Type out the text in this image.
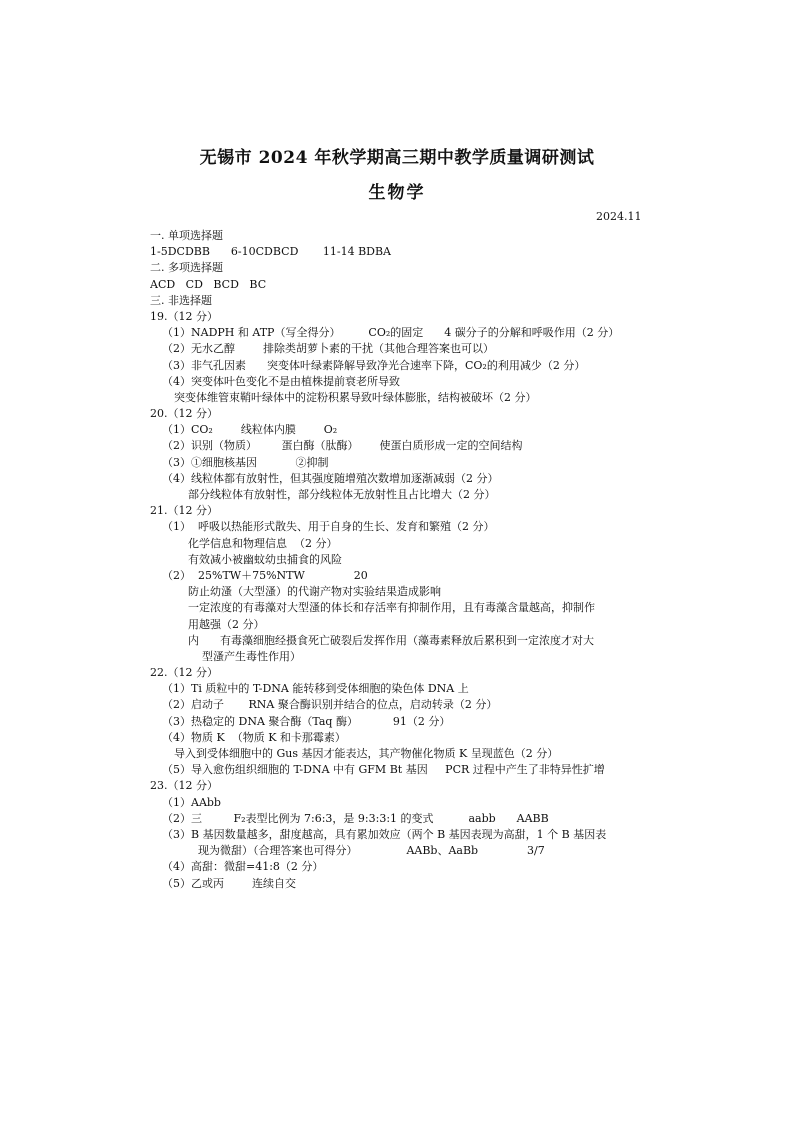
无锡市 2024 年秋学期高三期中教学质量调研测试
生物学
2024.11
一. 单项选择题
1-5DCDBB      6-10CDBCD       11-14 BDBA
二. 多项选择题
ACD   CD   BCD   BC
三. 非选择题
19.（12 分）
（1）NADPH 和 ATP（写全得分）        CO₂的固定      4 碳分子的分解和呼吸作用（2 分）
（2）无水乙醇        排除类胡萝卜素的干扰（其他合理答案也可以）
（3）非气孔因素      突变体叶绿素降解导致净光合速率下降，CO₂的利用减少（2 分）
（4）突变体叶色变化不是由植株提前衰老所导致
突变体维管束鞘叶绿体中的淀粉积累导致叶绿体膨胀，结构被破坏（2 分）
20.（12 分）
（1）CO₂        线粒体内膜        O₂
（2）识别（物质）       蛋白酶（肽酶）      使蛋白质形成一定的空间结构
（3）①细胞核基因           ②抑制
（4）线粒体都有放射性，但其强度随增殖次数增加逐渐减弱（2 分）
部分线粒体有放射性，部分线粒体无放射性且占比增大（2 分）
21.（12 分）
（1）  呼吸以热能形式散失、用于自身的生长、发育和繁殖（2 分）
化学信息和物理信息  （2 分）
有效减小被幽蚊幼虫捕食的风险
（2）  25%TW＋75%NTW              20
防止幼溞（大型溞）的代谢产物对实验结果造成影响
一定浓度的有毒藻对大型溞的体长和存活率有抑制作用，且有毒藻含量越高，抑制作
用越强（2 分）
内      有毒藻细胞经摄食死亡破裂后发挥作用（藻毒素释放后累积到一定浓度才对大
型溞产生毒性作用）
22.（12 分）
（1）Ti 质粒中的 T-DNA 能转移到受体细胞的染色体 DNA 上
（2）启动子       RNA 聚合酶识别并结合的位点，启动转录（2 分）
（3）热稳定的 DNA 聚合酶（Taq 酶）          91（2 分）
（4）物质 K  （物质 K 和卡那霉素）
导入到受体细胞中的 Gus 基因才能表达，其产物催化物质 K 呈现蓝色（2 分）
（5）导入愈伤组织细胞的 T-DNA 中有 GFM Bt 基因     PCR 过程中产生了非特异性扩增
23.（12 分）
（1）AAbb
（2）三         F₂表型比例为 7:6:3，是 9:3:3:1 的变式          aabb      AABB
（3）B 基因数量越多，甜度越高，具有累加效应（两个 B 基因表现为高甜，1 个 B 基因表
现为微甜）（合理答案也可得分）              AABb、AaBb              3/7
（4）高甜：微甜=41:8（2 分）
（5）乙或丙        连续自交
